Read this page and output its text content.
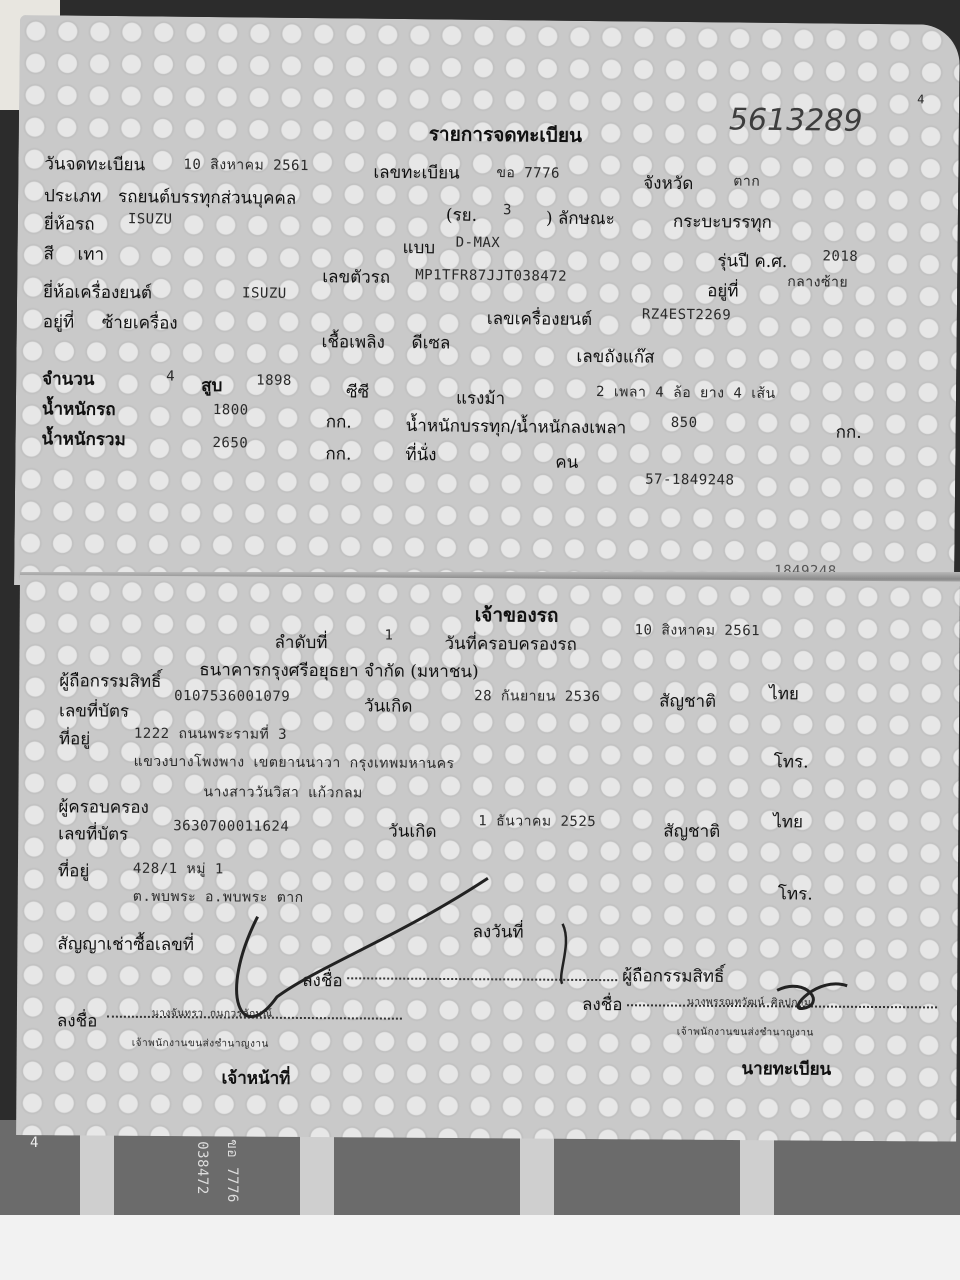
4	038472 ขอ 7776
รายการจดทะเบียน	5613289
4
วันจดทะเบียน	10 สิงหาคม 2561	เลขทะเบียน	ขอ 7776
จังหวัด	ตาก
ประเภท รถยนต์บรรทุกส่วนบุคคล
(รย. 3 ) ลักษณะ	กระบะบรรทุก
ยี่ห้อรถ ISUZU
แบบ D-MAX
รุ่นปี ค.ศ. 2018
สี เทา
เลขตัวรถ MP1TFR87JJT038472
อยู่ที่	กลางซ้าย
ยี่ห้อเครื่องยนต์	ISUZU
เลขเครื่องยนต์	RZ4EST2269
อยู่ที่ ซ้ายเครื่อง
เชื้อเพลิง ดีเซล
เลขถังแก๊ส
จำนวน	4 สูบ 1898
ซีซี	แรงม้า	2 เพลา 4 ล้อ ยาง 4 เส้น
น้ำหนักรถ	1800
กก.	น้ำหนักบรรทุก/น้ำหนักลงเพลา	850	กก.
น้ำหนักรวม	2650
กก.	ที่นั่ง	คน
57-1849248
เจ้าของรถ
ลำดับที่	1	วันที่ครอบครองรถ
10 สิงหาคม 2561
ผู้ถือกรรมสิทธิ์ ธนาคารกรุงศรีอยุธยา จำกัด (มหาชน)
เลขที่บัตร
0107536001079	วันเกิด	28 กันยายน 2536	สัญชาติ	ไทย
ที่อยู่	1222 ถนนพระรามที่ 3
แขวงบางโพงพาง เขตยานนาวา กรุงเทพมหานคร	โทร.
ผู้ครอบครอง
นางสาววันวิสา แก้วกลม
เลขที่บัตร	3630700011624	วันเกิด	1 ธันวาคม 2525	สัญชาติ	ไทย
ที่อยู่	428/1 หมู่ 1
ต.พบพระ อ.พบพระ ตาก	โทร.
สัญญาเช่าซื้อเลขที่
ลงวันที่
ลงชื่อ	ผู้ถือกรรมสิทธิ์
ลงชื่อ	นางจันทรา กนกวรลักษณ์
เจ้าพนักงานขนส่งชำนาญงาน
เจ้าหน้าที่
ลงชื่อ	นางพรรณทวัฒน์ ศิลปุกาม
เจ้าพนักงานขนส่งชำนาญงาน
นายทะเบียน
